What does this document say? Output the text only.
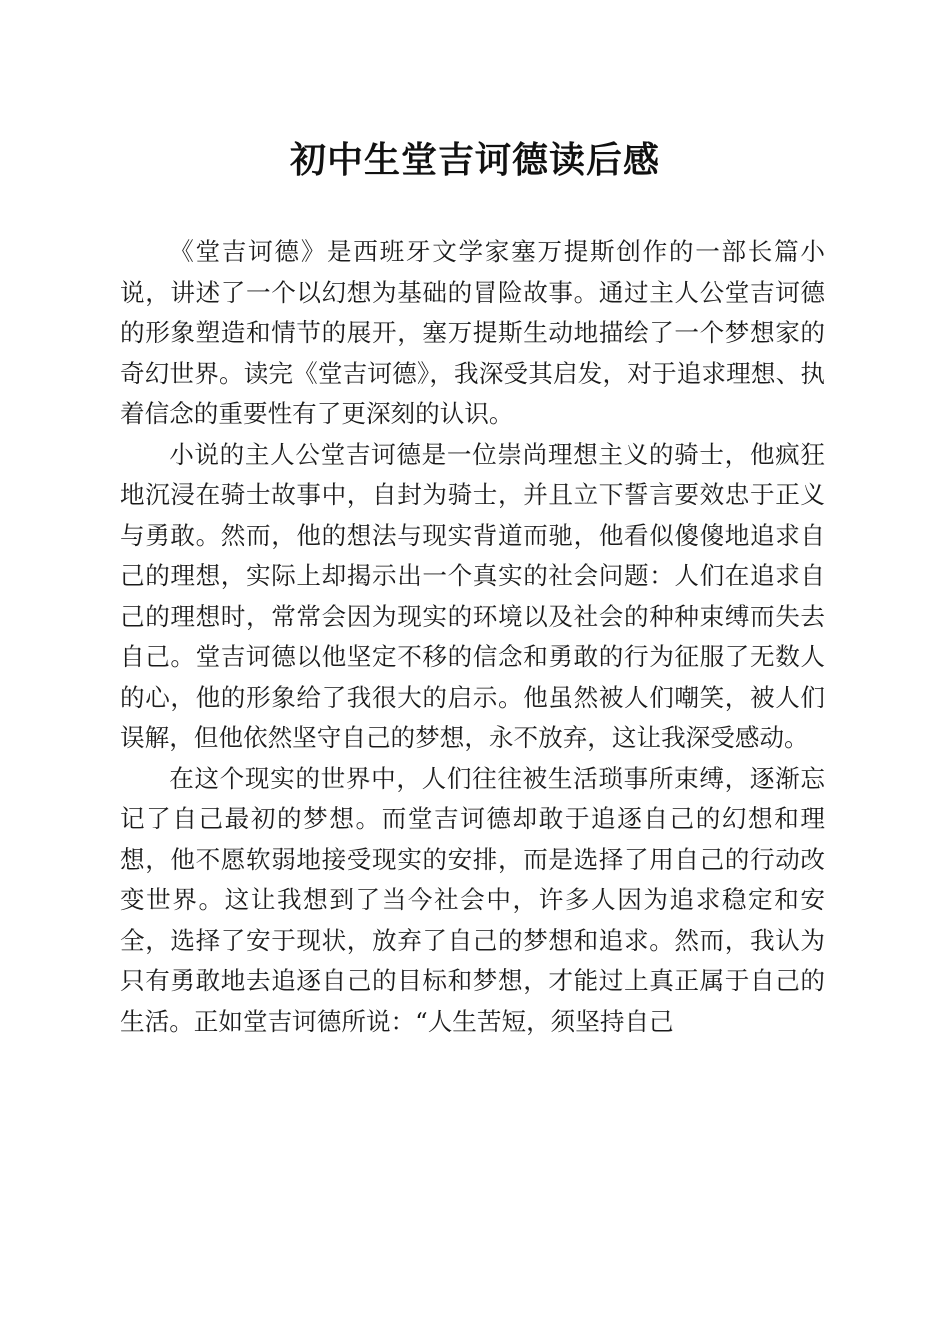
初中生堂吉诃德读后感

《堂吉诃德》是西班牙文学家塞万提斯创作的一部长篇小说，讲述了一个以幻想为基础的冒险故事。通过主人公堂吉诃德的形象塑造和情节的展开，塞万提斯生动地描绘了一个梦想家的奇幻世界。读完《堂吉诃德》，我深受其启发，对于追求理想、执着信念的重要性有了更深刻的认识。

小说的主人公堂吉诃德是一位崇尚理想主义的骑士，他疯狂地沉浸在骑士故事中，自封为骑士，并且立下誓言要效忠于正义与勇敢。然而，他的想法与现实背道而驰，他看似傻傻地追求自己的理想，实际上却揭示出一个真实的社会问题：人们在追求自己的理想时，常常会因为现实的环境以及社会的种种束缚而失去自己。堂吉诃德以他坚定不移的信念和勇敢的行为征服了无数人的心，他的形象给了我很大的启示。他虽然被人们嘲笑，被人们误解，但他依然坚守自己的梦想，永不放弃，这让我深受感动。

在这个现实的世界中，人们往往被生活琐事所束缚，逐渐忘记了自己最初的梦想。而堂吉诃德却敢于追逐自己的幻想和理想，他不愿软弱地接受现实的安排，而是选择了用自己的行动改变世界。这让我想到了当今社会中，许多人因为追求稳定和安全，选择了安于现状，放弃了自己的梦想和追求。然而，我认为只有勇敢地去追逐自己的目标和梦想，才能过上真正属于自己的生活。正如堂吉诃德所说：“人生苦短，须坚持自己
